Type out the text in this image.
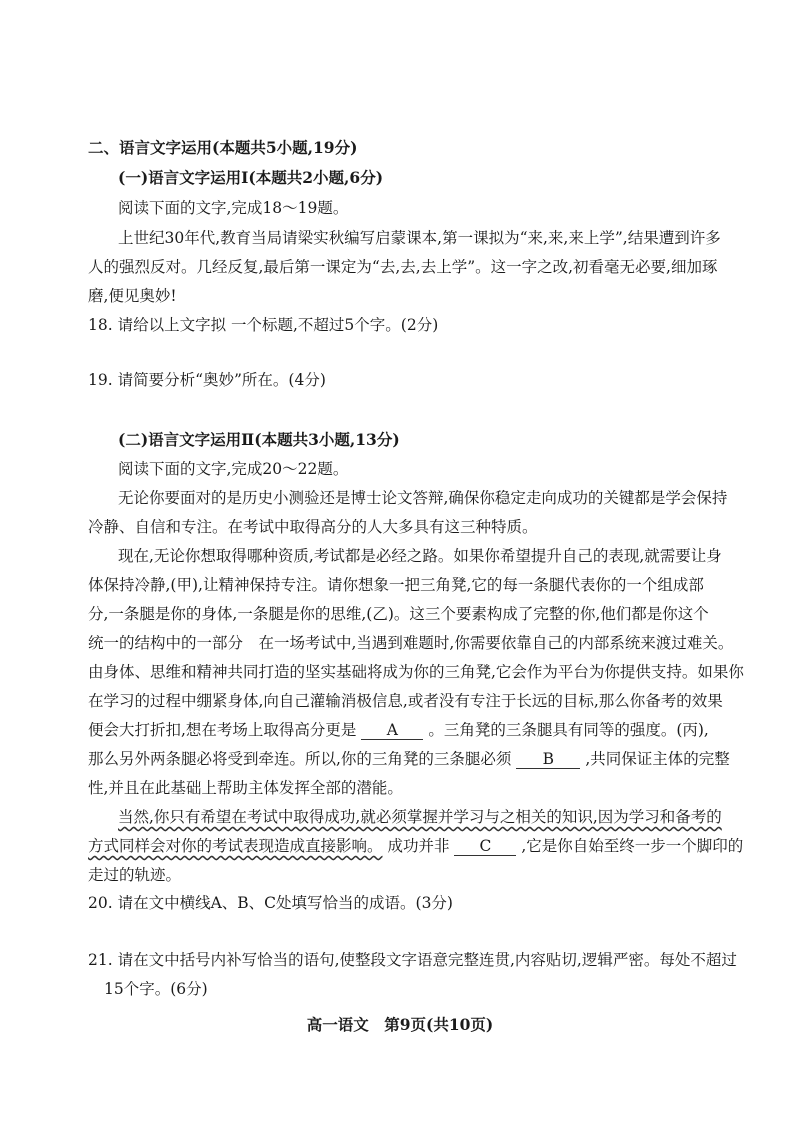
二、语言文字运用(本题共5小题,19分)
(一)语言文字运用Ⅰ(本题共2小题,6分)
阅读下面的文字,完成18～19题。
上世纪30年代,教育当局请梁实秋编写启蒙课本,第一课拟为“来,来,来上学”,结果遭到许多
人的强烈反对。几经反复,最后第一课定为“去,去,去上学”。这一字之改,初看毫无必要,细加琢
磨,便见奥妙!
18. 请给以上文字拟 一个标题,不超过5个字。(2分)
19. 请简要分析“奥妙”所在。(4分)
(二)语言文字运用Ⅱ(本题共3小题,13分)
阅读下面的文字,完成20～22题。
无论你要面对的是历史小测验还是博士论文答辩,确保你稳定走向成功的关键都是学会保持
冷静、自信和专注。在考试中取得高分的人大多具有这三种特质。
现在,无论你想取得哪种资质,考试都是必经之路。如果你希望提升自己的表现,就需要让身
体保持冷静,(甲),让精神保持专注。请你想象一把三角凳,它的每一条腿代表你的一个组成部
分,一条腿是你的身体,一条腿是你的思维,(乙)。这三个要素构成了完整的你,他们都是你这个
统一的结构中的一部分　在一场考试中,当遇到难题时,你需要依靠自己的内部系统来渡过难关。
由身体、思维和精神共同打造的坚实基础将成为你的三角凳,它会作为平台为你提供支持。如果你
在学习的过程中绷紧身体,向自己灌输消极信息,或者没有专注于长远的目标,那么你备考的效果
便会大打折扣,想在考场上取得高分更是 A 。三角凳的三条腿具有同等的强度。(丙),
那么另外两条腿必将受到牵连。所以,你的三角凳的三条腿必须 B ,共同保证主体的完整
性,并且在此基础上帮助主体发挥全部的潜能。
当然,你只有希望在考试中取得成功,就必须掌握并学习与之相关的知识,因为学习和备考的
方式同样会对你的考试表现造成直接影响。 成功并非 C ,它是你自始至终一步一个脚印的
走过的轨迹。
20. 请在文中横线A、B、C处填写恰当的成语。(3分)
21. 请在文中括号内补写恰当的语句,使整段文字语意完整连贯,内容贴切,逻辑严密。每处不超过
15个字。(6分)
高一语文　第9页(共10页)
